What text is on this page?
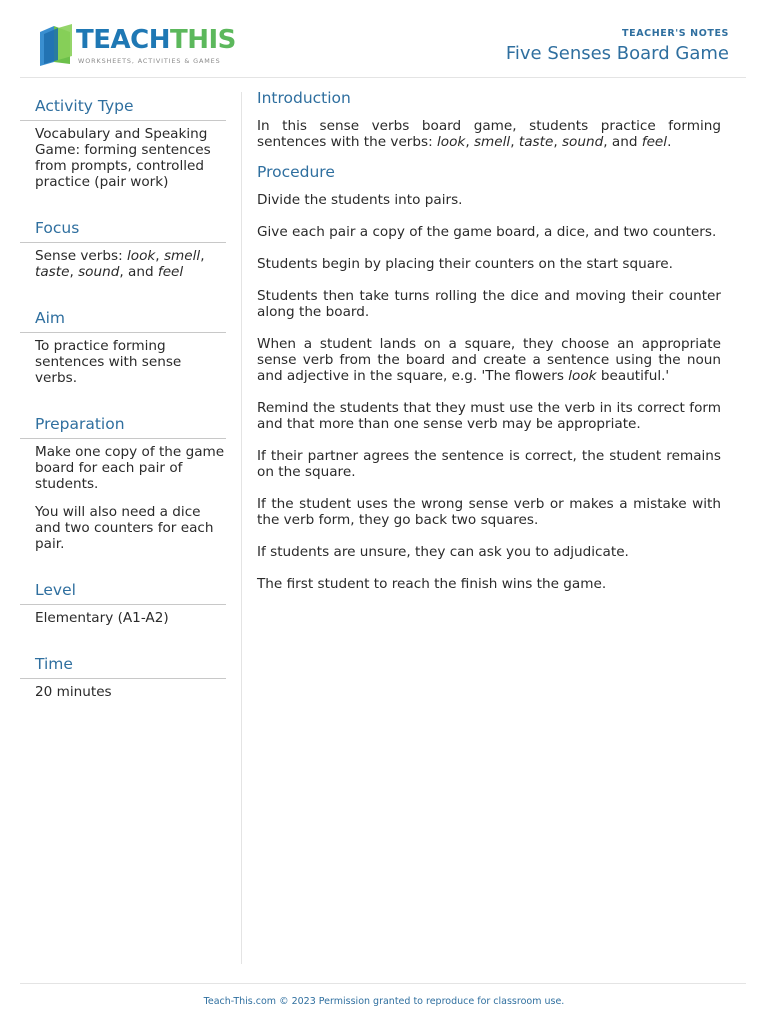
TEACHTHIS
WORKSHEETS, ACTIVITIES & GAMES
TEACHER'S NOTES
Five Senses Board Game
Activity Type

Vocabulary and Speaking Game: forming sentences from prompts, controlled practice (pair work)

Focus

Sense verbs: look, smell, taste, sound, and feel

Aim

To practice forming sentences with sense verbs.

Preparation

Make one copy of the game board for each pair of students.

You will also need a dice and two counters for each pair.

Level

Elementary (A1-A2)

Time

20 minutes

Introduction

In this sense verbs board game, students practice forming sentences with the verbs: look, smell, taste, sound, and feel.

Procedure

Divide the students into pairs.

Give each pair a copy of the game board, a dice, and two counters.

Students begin by placing their counters on the start square.

Students then take turns rolling the dice and moving their counter along the board.

When a student lands on a square, they choose an appropriate sense verb from the board and create a sentence using the noun and adjective in the square, e.g. 'The flowers look beautiful.'

Remind the students that they must use the verb in its correct form and that more than one sense verb may be appropriate.

If their partner agrees the sentence is correct, the student remains on the square.

If the student uses the wrong sense verb or makes a mistake with the verb form, they go back two squares.

If students are unsure, they can ask you to adjudicate.

The first student to reach the finish wins the game.

Teach-This.com © 2023 Permission granted to reproduce for classroom use.
